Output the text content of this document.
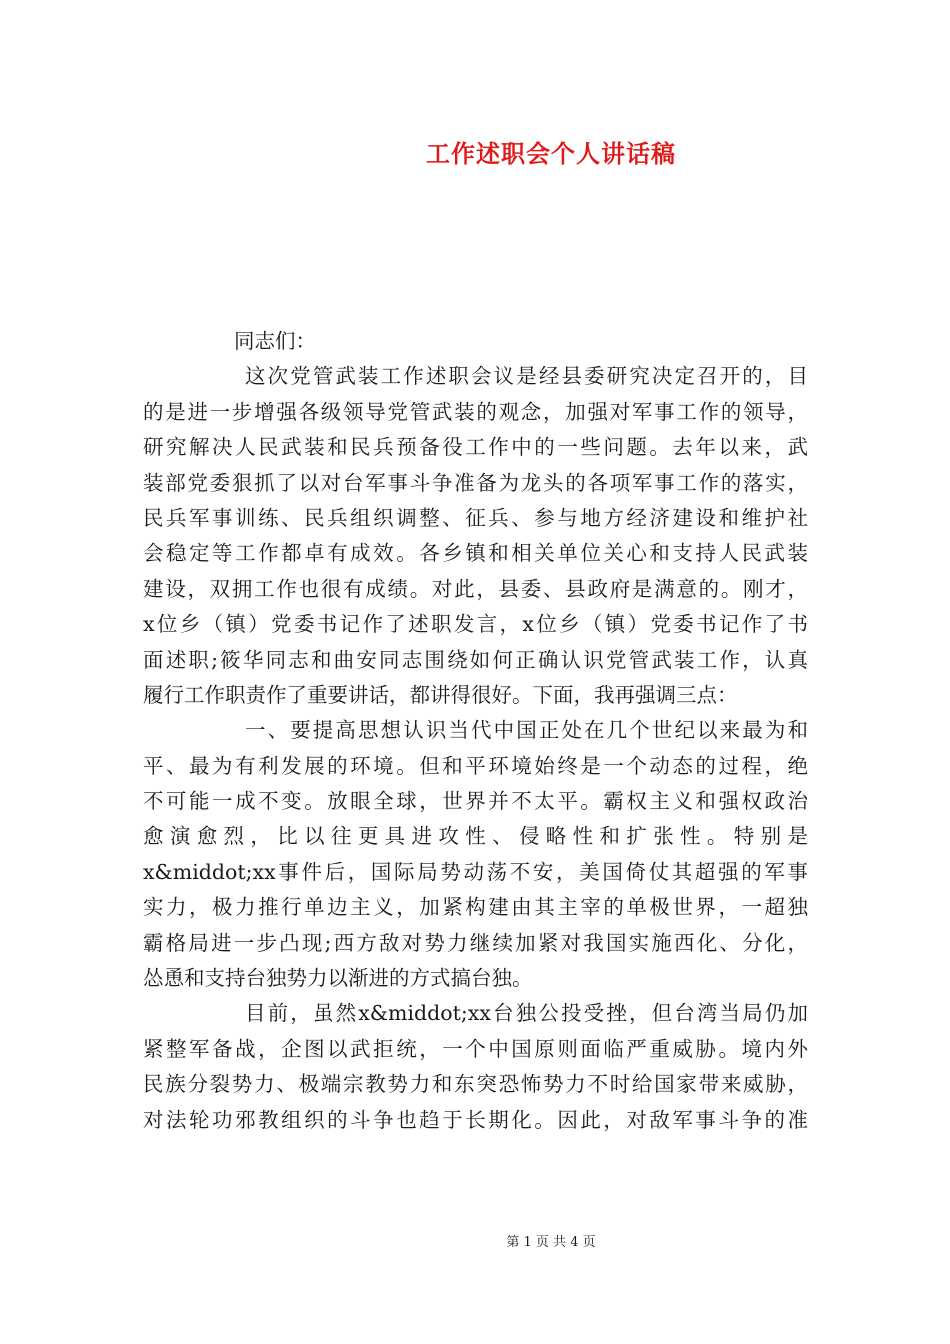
工作述职会个人讲话稿
同志们：
这次党管武装工作述职会议是经县委研究决定召开的，目
的是进一步增强各级领导党管武装的观念，加强对军事工作的领导，
研究解决人民武装和民兵预备役工作中的一些问题。去年以来，武
装部党委狠抓了以对台军事斗争准备为龙头的各项军事工作的落实，
民兵军事训练、民兵组织调整、征兵、参与地方经济建设和维护社
会稳定等工作都卓有成效。各乡镇和相关单位关心和支持人民武装
建设，双拥工作也很有成绩。对此，县委、县政府是满意的。刚才，
x位乡（镇）党委书记作了述职发言，x位乡（镇）党委书记作了书
面述职;筱华同志和曲安同志围绕如何正确认识党管武装工作，认真
履行工作职责作了重要讲话，都讲得很好。下面，我再强调三点：
一、要提高思想认识当代中国正处在几个世纪以来最为和
平、最为有利发展的环境。但和平环境始终是一个动态的过程，绝
不可能一成不变。放眼全球，世界并不太平。霸权主义和强权政治
愈演愈烈，比以往更具进攻性、侵略性和扩张性。特别是
x&middot;xx事件后，国际局势动荡不安，美国倚仗其超强的军事
实力，极力推行单边主义，加紧构建由其主宰的单极世界，一超独
霸格局进一步凸现;西方敌对势力继续加紧对我国实施西化、分化，
怂恿和支持台独势力以渐进的方式搞台独。
目前，虽然x&middot;xx台独公投受挫，但台湾当局仍加
紧整军备战，企图以武拒统，一个中国原则面临严重威胁。境内外
民族分裂势力、极端宗教势力和东突恐怖势力不时给国家带来威胁，
对法轮功邪教组织的斗争也趋于长期化。因此，对敌军事斗争的准
第 1 页 共 4 页
